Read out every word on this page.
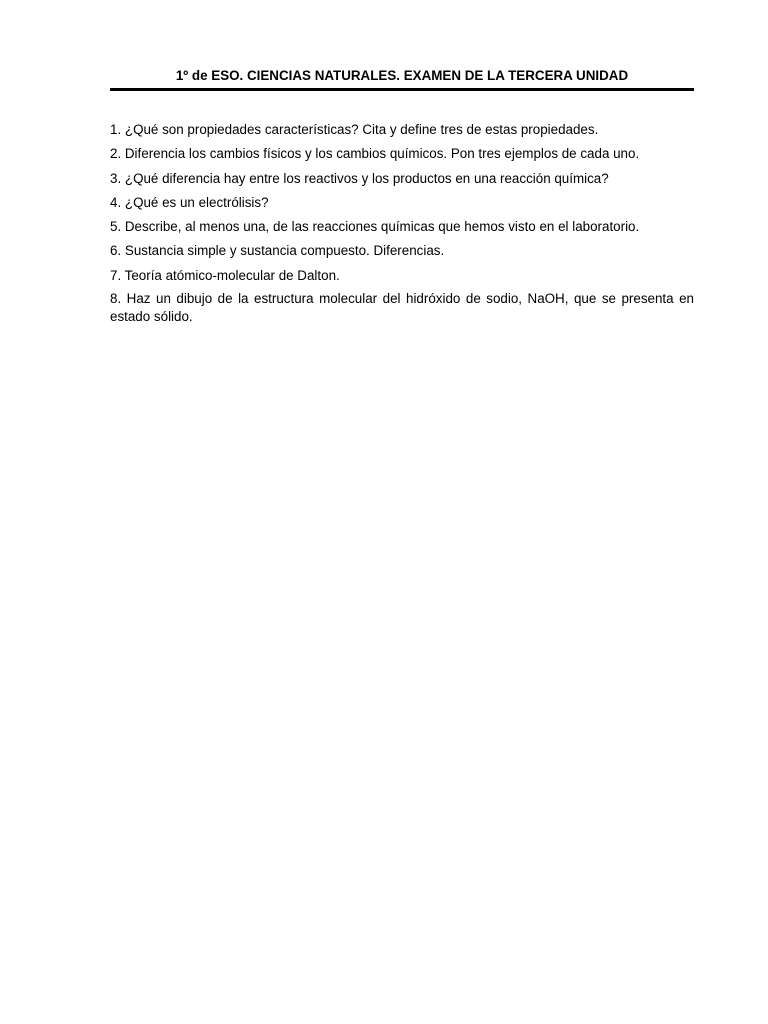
1º de ESO. CIENCIAS NATURALES. EXAMEN DE LA TERCERA UNIDAD
1. ¿Qué son propiedades características? Cita y define tres de estas propiedades.
2. Diferencia los cambios físicos y los cambios químicos. Pon tres ejemplos de cada uno.
3. ¿Qué diferencia hay entre los reactivos y los productos en una reacción química?
4. ¿Qué es un electrólisis?
5. Describe, al menos una, de las reacciones químicas que hemos visto en el laboratorio.
6. Sustancia simple y sustancia compuesto. Diferencias.
7. Teoría atómico-molecular de Dalton.
8. Haz un dibujo de la estructura molecular del hidróxido de sodio, NaOH, que se presenta en estado sólido.
